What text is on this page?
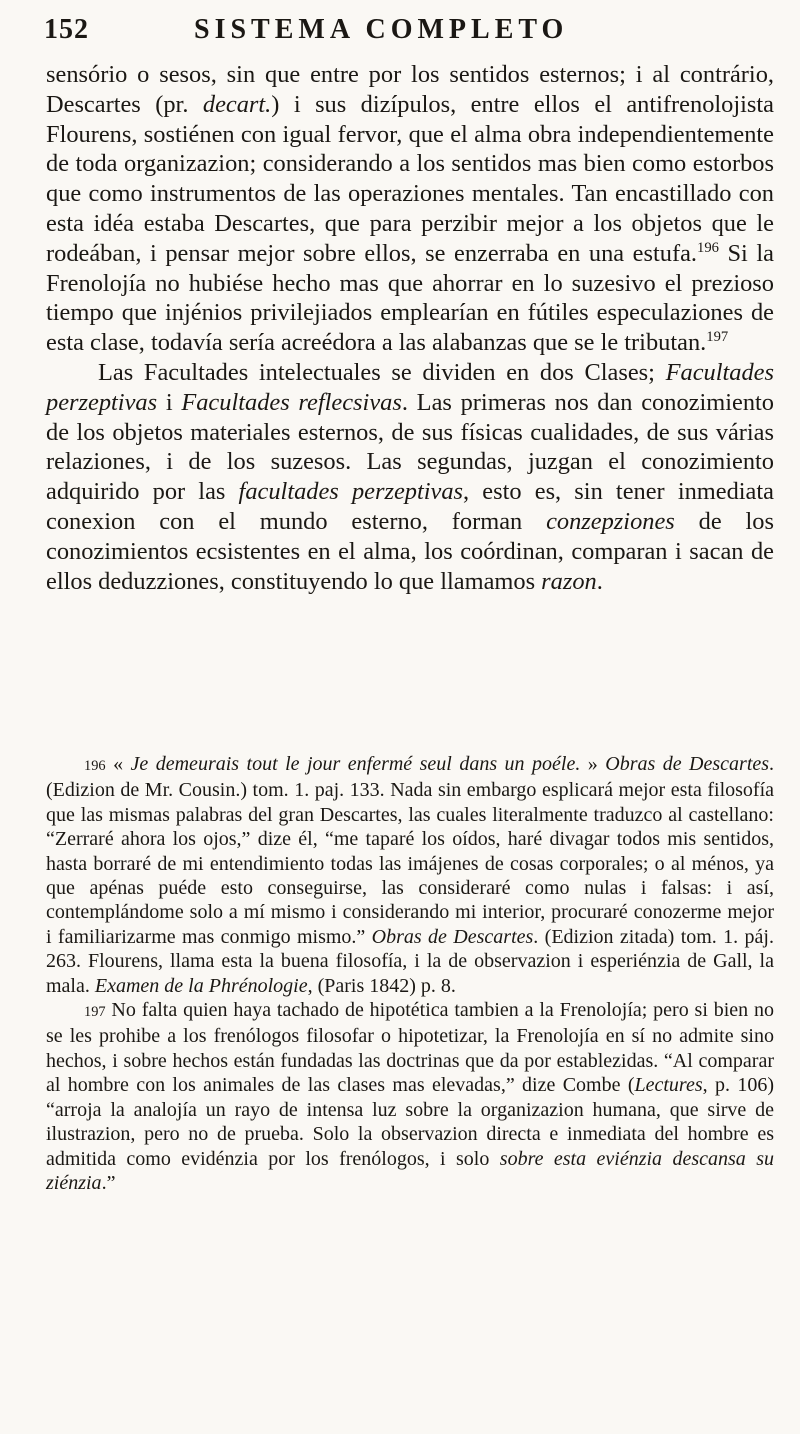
152	SISTEMA COMPLETO

sensório o sesos, sin que entre por los sentidos esternos; i al contrário, Descartes (pr. decart.) i sus dizípulos, entre ellos el antifrenolojista Flourens, sostiénen con igual fervor, que el alma obra independientemente de toda organizazion; considerando a los sentidos mas bien como estorbos que como instrumentos de las operaziones mentales. Tan encastillado con esta idéa estaba Descartes, que para perzibir mejor a los objetos que le rodeában, i pensar mejor sobre ellos, se enzerraba en una estufa.$^{196}$ Si la Frenolojía no hubiése hecho mas que ahorrar en lo suzesivo el prezioso tiempo que injénios privilejiados emplearían en fútiles especulaziones de esta clase, todavía sería acreédora a las alabanzas que se le tributan.$^{197}$

Las Facultades intelectuales se dividen en dos Clases; Facultades perzeptivas i Facultades reflecsivas. Las primeras nos dan conozimiento de los objetos materiales esternos, de sus físicas cualidades, de sus várias relaziones, i de los suzesos. Las segundas, juzgan el conozimiento adquirido por las facultades perzeptivas, esto es, sin tener inmediata conexion con el mundo esterno, forman conzepziones de los conozimientos ecsistentes en el alma, los coórdinan, comparan i sacan de ellos deduzziones, constituyendo lo que llamamos razon.

196 « Je demeurais tout le jour enfermé seul dans un poéle. » Obras de Descartes. (Edizion de Mr. Cousin.) tom. 1. paj. 133. Nada sin embargo esplicará mejor esta filosofía que las mismas palabras del gran Descartes, las cuales literalmente traduzco al castellano: “Zerraré ahora los ojos,” dize él, “me taparé los oídos, haré divagar todos mis sentidos, hasta borraré de mi entendimiento todas las imájenes de cosas corporales; o al ménos, ya que apénas puéde esto conseguirse, las consideraré como nulas i falsas: i así, contemplándome solo a mí mismo i considerando mi interior, procuraré conozerme mejor i familiarizarme mas conmigo mismo.” Obras de Descartes. (Edizion zitada) tom. 1. páj. 263. Flourens, llama esta la buena filosofía, i la de observazion i esperiénzia de Gall, la mala. Examen de la Phrénologie, (Paris 1842) p. 8.

197 No falta quien haya tachado de hipotética tambien a la Frenolojía; pero si bien no se les prohibe a los frenólogos filosofar o hipotetizar, la Frenolojía en sí no admite sino hechos, i sobre hechos están fundadas las doctrinas que da por establezidas. “Al comparar al hombre con los animales de las clases mas elevadas,” dize Combe (Lectures, p. 106) “arroja la analojía un rayo de intensa luz sobre la organizazion humana, que sirve de ilustrazion, pero no de prueba. Solo la observazion directa e inmediata del hombre es admitida como evidénzia por los frenólogos, i solo sobre esta eviénzia descansa su ziénzia.”
